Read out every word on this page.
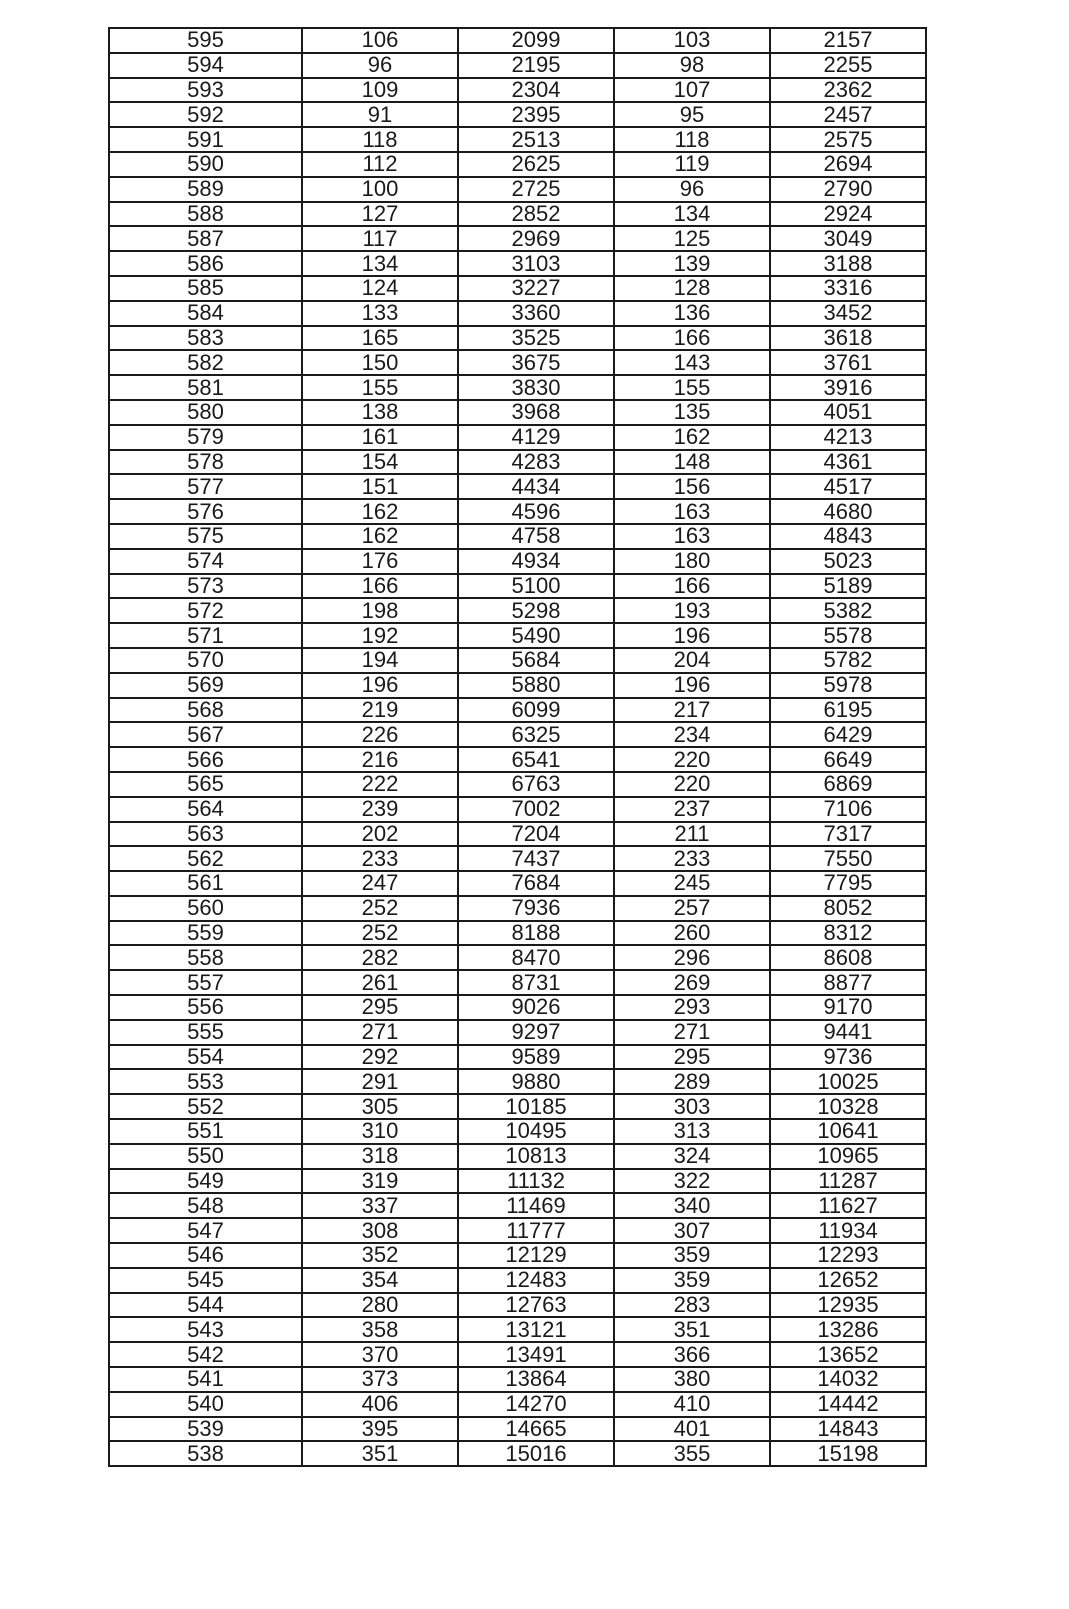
595	106	2099	103	2157
594	96	2195	98	2255
593	109	2304	107	2362
592	91	2395	95	2457
591	118	2513	118	2575
590	112	2625	119	2694
589	100	2725	96	2790
588	127	2852	134	2924
587	117	2969	125	3049
586	134	3103	139	3188
585	124	3227	128	3316
584	133	3360	136	3452
583	165	3525	166	3618
582	150	3675	143	3761
581	155	3830	155	3916
580	138	3968	135	4051
579	161	4129	162	4213
578	154	4283	148	4361
577	151	4434	156	4517
576	162	4596	163	4680
575	162	4758	163	4843
574	176	4934	180	5023
573	166	5100	166	5189
572	198	5298	193	5382
571	192	5490	196	5578
570	194	5684	204	5782
569	196	5880	196	5978
568	219	6099	217	6195
567	226	6325	234	6429
566	216	6541	220	6649
565	222	6763	220	6869
564	239	7002	237	7106
563	202	7204	211	7317
562	233	7437	233	7550
561	247	7684	245	7795
560	252	7936	257	8052
559	252	8188	260	8312
558	282	8470	296	8608
557	261	8731	269	8877
556	295	9026	293	9170
555	271	9297	271	9441
554	292	9589	295	9736
553	291	9880	289	10025
552	305	10185	303	10328
551	310	10495	313	10641
550	318	10813	324	10965
549	319	11132	322	11287
548	337	11469	340	11627
547	308	11777	307	11934
546	352	12129	359	12293
545	354	12483	359	12652
544	280	12763	283	12935
543	358	13121	351	13286
542	370	13491	366	13652
541	373	13864	380	14032
540	406	14270	410	14442
539	395	14665	401	14843
538	351	15016	355	15198
